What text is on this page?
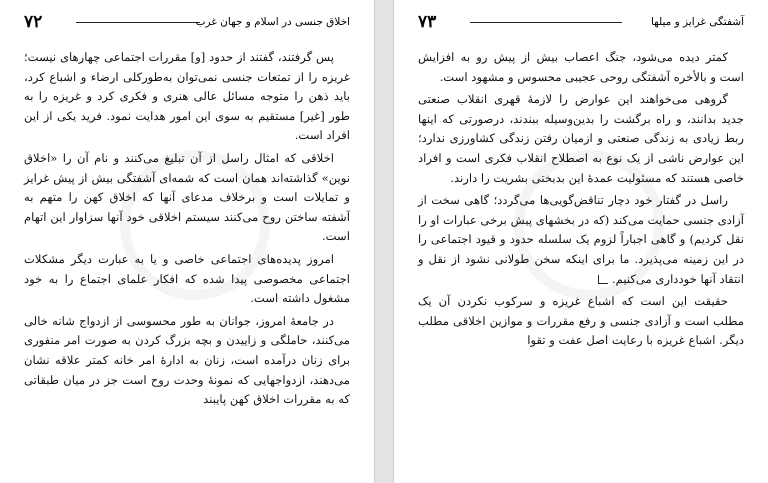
۷۲	اخلاق جنسی در اسلام و جهان غرب

پس گرفتند، گفتند از حدود [و] مقررات اجتماعی چهارهای نیست؛ غریزه را از تمتعات جنسی نمی‌توان به‌طورکلی ارضاء و اشباع کرد، باید ذهن را متوجه مسائل عالی هنری و فکری کرد و غریزه را به طور [غیر] مستقیم به سوی این امور هدایت نمود. فرید یکی از این افراد است.

اخلاقی که امثال راسل از آن تبلیغ می‌کنند و نام آن را «اخلاق نوین» گذاشته‌اند همان است که شمه‌ای آشفتگی بیش از پیش غرایز و تمایلات است و برخلاف مدعای آنها که اخلاق کهن را متهم به آشفته ساختن روح می‌کنند سیستم اخلاقی خود آنها سزاوار این اتهام است.

امروز پدیده‌های اجتماعی خاصی و یا به عبارت دیگر مشکلات اجتماعی مخصوصی پیدا شده که افکار علمای اجتماع را به خود مشغول داشته است.

در جامعهٔ امروز، جوانان به طور محسوسی از ازدواج شانه خالی می‌کنند، حاملگی و زاییدن و بچه بزرگ کردن به صورت امر منفوری برای زنان درآمده است، زنان به ادارهٔ امر خانه کمتر علاقه نشان می‌دهند، ازدواجهایی که نمونهٔ وحدت روح است جز در میان طبقاتی که به مقررات اخلاق کهن پایبند

۷۳	آشفتگی غرایز و میلها

کمتر دیده می‌شود، جنگ اعصاب بیش از پیش رو به افزایش است و بالأخره آشفتگی روحی عجیبی محسوس و مشهود است.

گروهی می‌خواهند این عوارض را لازمهٔ قهری انقلاب صنعتی جدید بدانند، و راه برگشت را بدین‌وسیله ببندند، درصورتی که اینها ربط زیادی به زندگی صنعتی و ازمیان رفتن زندگی کشاورزی ندارد؛ این عوارض ناشی از یک نوع به اصطلاح انقلاب فکری است و افراد خاصی هستند که مسئولیت عمدهٔ این بدبختی بشریت را دارند.

راسل در گفتار خود دچار تناقض‌گویی‌ها می‌گردد؛ گاهی سخت از آزادی جنسی حمایت می‌کند (که در بخشهای پیش برخی عبارات او را نقل کردیم) و گاهی اجباراً لزوم یک سلسله حدود و قیود اجتماعی را در این زمینه می‌پذیرد. ما برای اینکه سخن طولانی نشود از نقل و انتقاد آنها خودداری می‌کنیم.

حقیقت این است که اشباع غریزه و سرکوب نکردن آن یک مطلب است و آزادی جنسی و رفع مقررات و موازین اخلاقی مطلب دیگر. اشباع غریزه با رعایت اصل عفت و تقوا
